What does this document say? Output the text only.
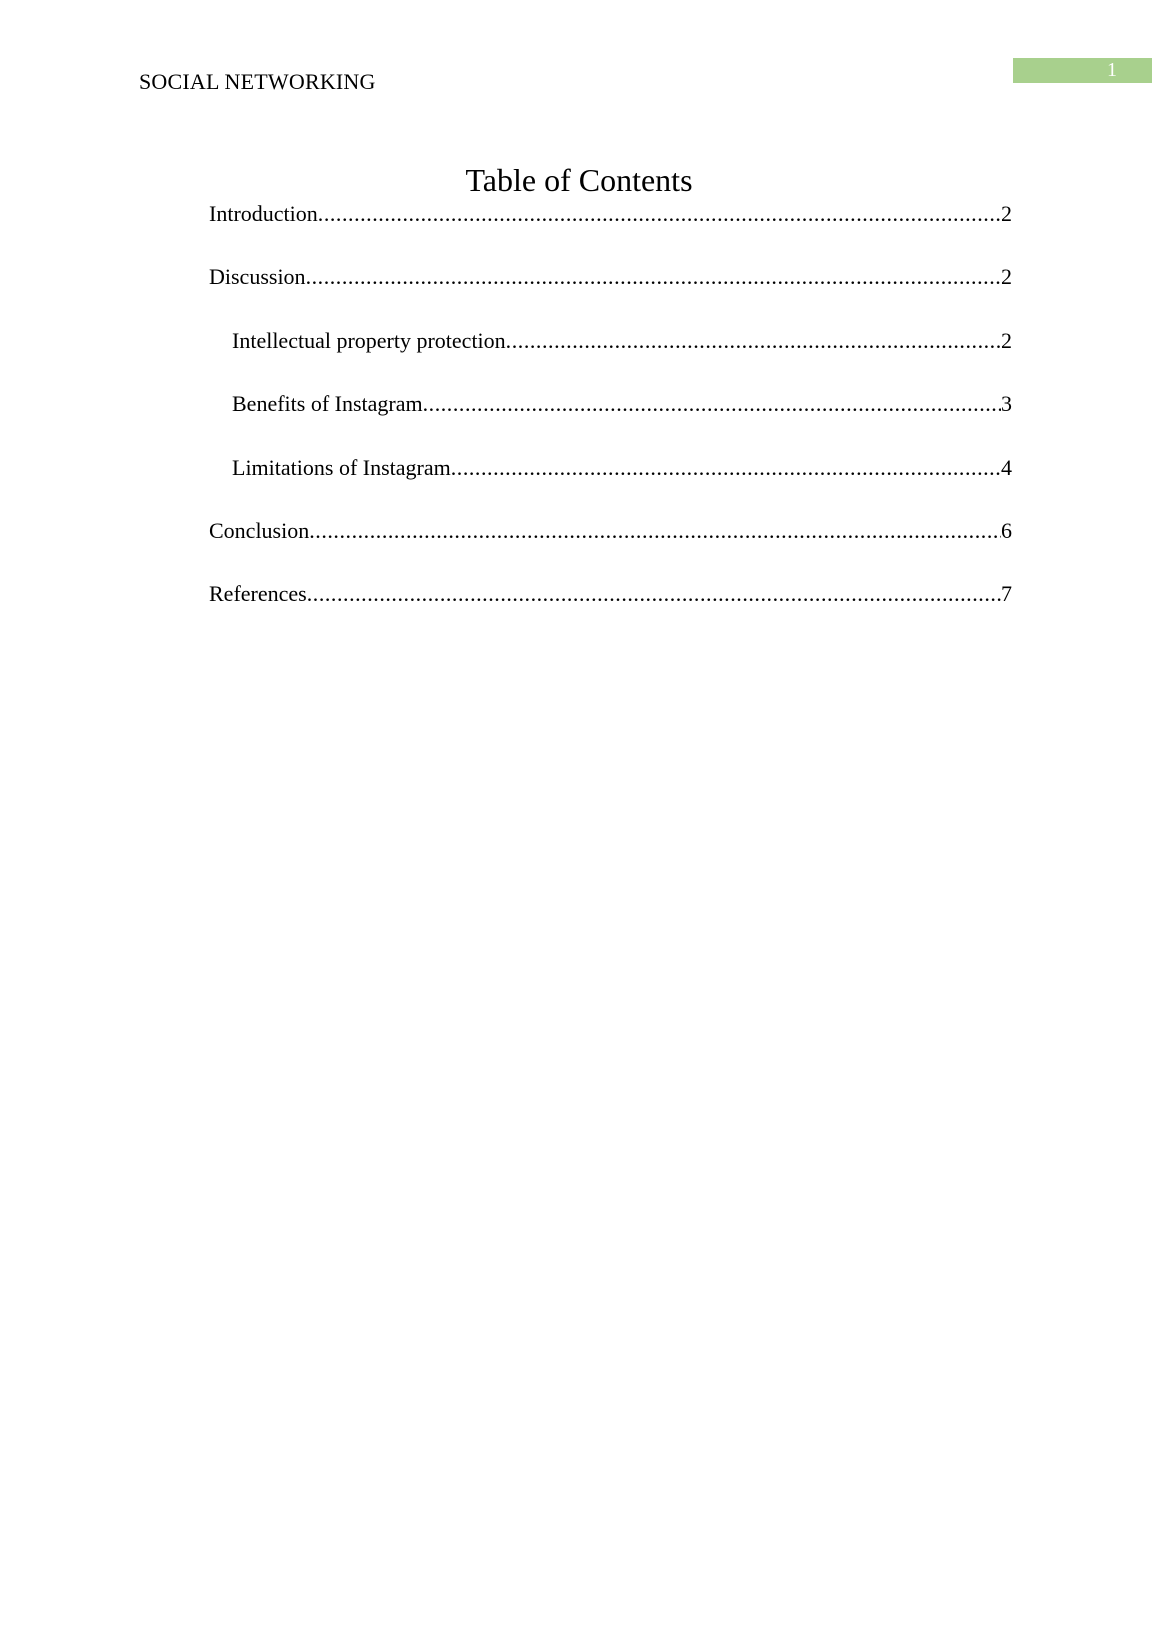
SOCIAL NETWORKING	1
Table of Contents
Introduction .....	2
Discussion .....	2
Intellectual property protection .....	2
Benefits of Instagram .....	3
Limitations of Instagram .....	4
Conclusion .....	6
References .....	7
